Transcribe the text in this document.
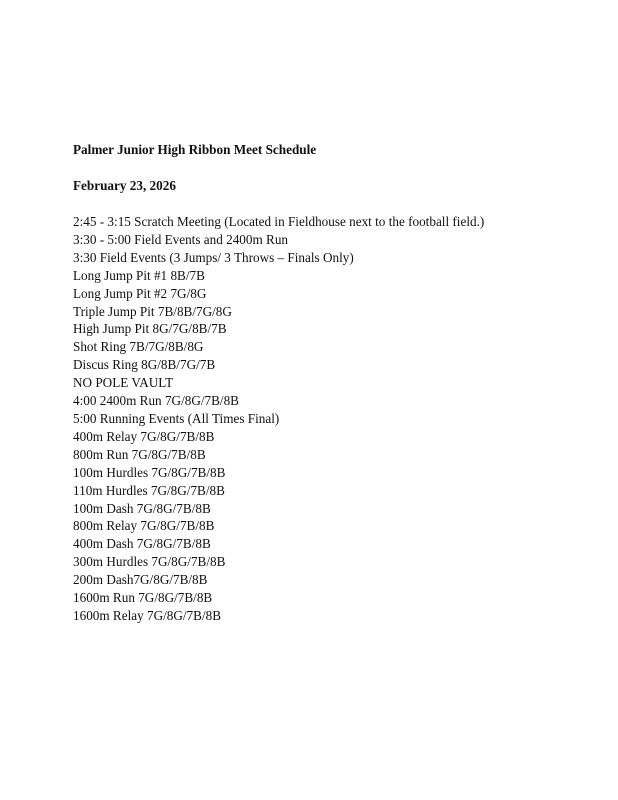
Palmer Junior High Ribbon Meet Schedule

February 23, 2026

2:45 - 3:15 Scratch Meeting (Located in Fieldhouse next to the football field.)
3:30 - 5:00 Field Events and 2400m Run
3:30 Field Events (3 Jumps/ 3 Throws – Finals Only)
Long Jump Pit #1 8B/7B
Long Jump Pit #2 7G/8G
Triple Jump Pit 7B/8B/7G/8G
High Jump Pit 8G/7G/8B/7B
Shot Ring 7B/7G/8B/8G
Discus Ring 8G/8B/7G/7B
NO POLE VAULT
4:00 2400m Run 7G/8G/7B/8B
5:00 Running Events (All Times Final)
400m Relay 7G/8G/7B/8B
800m Run 7G/8G/7B/8B
100m Hurdles 7G/8G/7B/8B
110m Hurdles 7G/8G/7B/8B
100m Dash 7G/8G/7B/8B
800m Relay 7G/8G/7B/8B
400m Dash 7G/8G/7B/8B
300m Hurdles 7G/8G/7B/8B
200m Dash7G/8G/7B/8B
1600m Run 7G/8G/7B/8B
1600m Relay 7G/8G/7B/8B
